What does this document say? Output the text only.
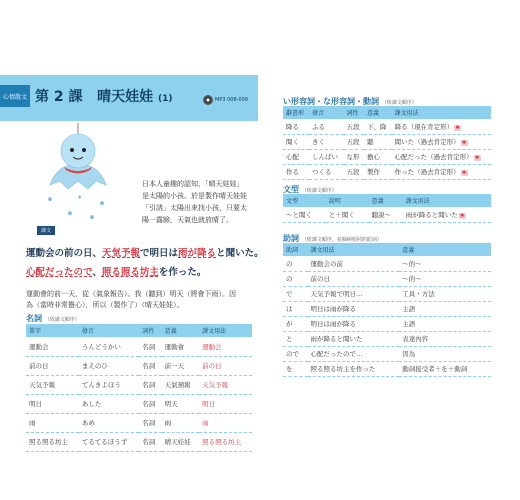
心情散文 第 2 課 晴天娃娃 (1)	MP3 008-009
日本人童趣的認知，「晴天娃娃」是太陽的小孩。於是製作晴天娃娃「引誘」太陽出來找小孩，只要太陽一露臉，天氣也就放晴了。
課文
運動会の前の日、天気予報で明日は雨が降ると聞いた。
心配だったので、照る照る坊主を作った。
運動會的前一天，從（氣象報告）。我（聽到）明天（將會下雨）。因為（當時非常擔心），所以（製作了）（晴天娃娃）。
名詞 （依課文順序）
單字	發音	詞性	意義	課文用法
運動会	うんどうかい	名詞	運動會	運動会
前の日	まえのひ	名詞	前一天	前の日
天気予報	てんきよほう	名詞	天氣預報	天気予報
明日	あした	名詞	明天	明日
雨	あめ	名詞	雨	雨
照る照る坊主	てるてるぼうず	名詞	晴天娃娃	照る照る坊主
い形容詞・な形容詞・動詞 （依課文順序）
辭書形	發音	詞性	意義	課文用法
降る	ふる	五段	下、降	降る（現在肯定形） ✱
聞く	きく	五段	聽	聞いた（過去肯定形） ✱
心配	しんぱい	な形	擔心	心配だった（過去肯定形） ✱
作る	つくる	五段	製作	作った（過去肯定形） ✱
文型 （依課文順序）
文型	說明	意義	課文用法
～と聞く	と＋聞く	聽說～	雨が降ると聞いた ✱
助詞 （依課文順序，並歸納相同的助詞）
助詞	課文用法	意義
の	運動会の前	～的～
の	前の日	～的～
で	天気予報で明日…	工具・方法
は	明日は雨が降る	主語
が	明日は雨が降る	主語
と	雨が降ると聞いた	表達內容
ので	心配だったので…	因為
を	照る照る坊主を作った	動詞接受者＋を＋動詞
